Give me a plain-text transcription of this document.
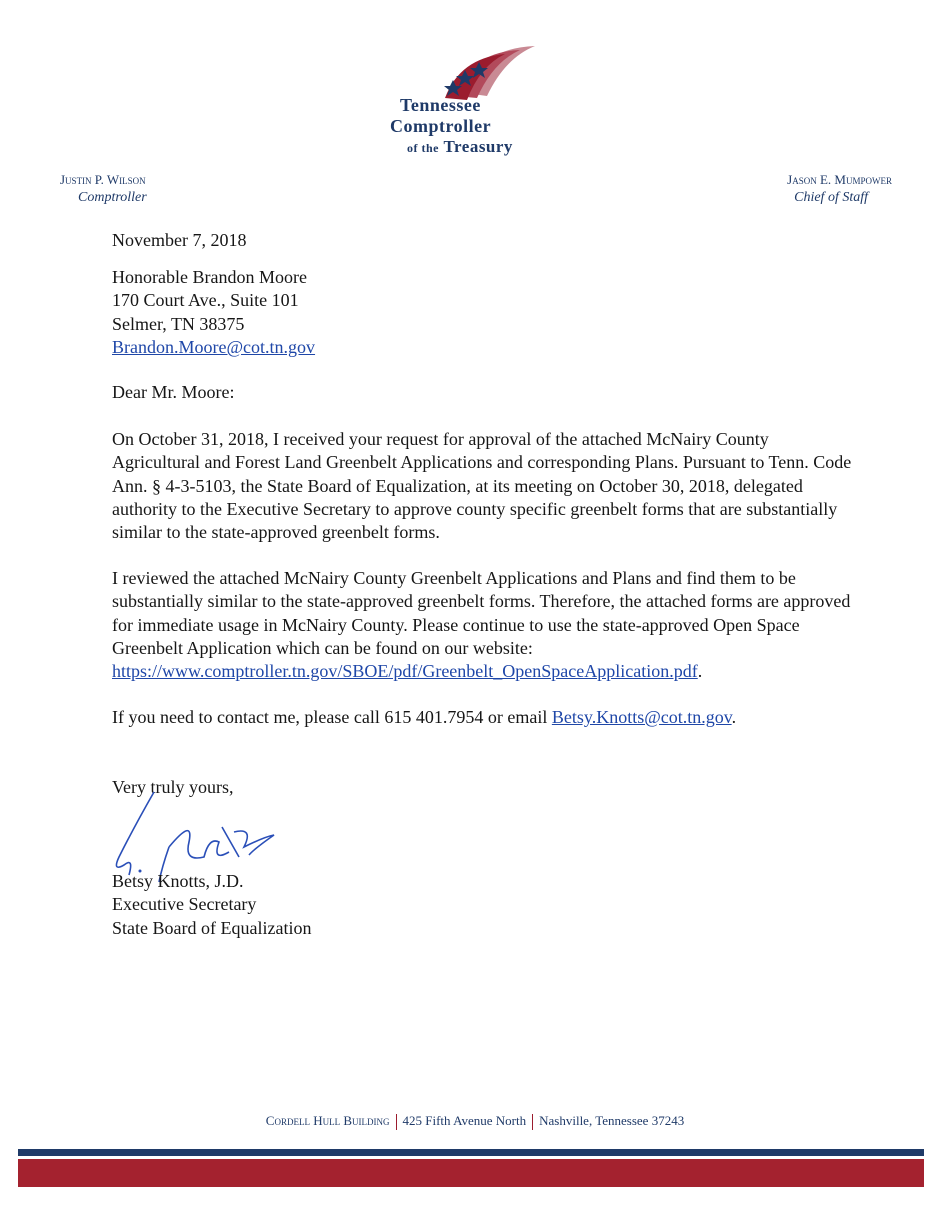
Tennessee
Comptroller
of the Treasury
Justin P. Wilson
Comptroller
Jason E. Mumpower
Chief of Staff
November 7, 2018
Honorable Brandon Moore
170 Court Ave., Suite 101
Selmer, TN 38375
Brandon.Moore@cot.tn.gov
Dear Mr. Moore:
On October 31, 2018, I received your request for approval of the attached McNairy County Agricultural and Forest Land Greenbelt Applications and corresponding Plans. Pursuant to Tenn. Code Ann. § 4-3-5103, the State Board of Equalization, at its meeting on October 30, 2018, delegated authority to the Executive Secretary to approve county specific greenbelt forms that are substantially similar to the state-approved greenbelt forms.
I reviewed the attached McNairy County Greenbelt Applications and Plans and find them to be substantially similar to the state-approved greenbelt forms. Therefore, the attached forms are approved for immediate usage in McNairy County. Please continue to use the state-approved Open Space Greenbelt Application which can be found on our website:
https://www.comptroller.tn.gov/SBOE/pdf/Greenbelt_OpenSpaceApplication.pdf.
If you need to contact me, please call 615 401.7954 or email Betsy.Knotts@cot.tn.gov.
Very truly yours,
Betsy Knotts, J.D.
Executive Secretary
State Board of Equalization
Cordell Hull Building 425 Fifth Avenue North Nashville, Tennessee 37243
